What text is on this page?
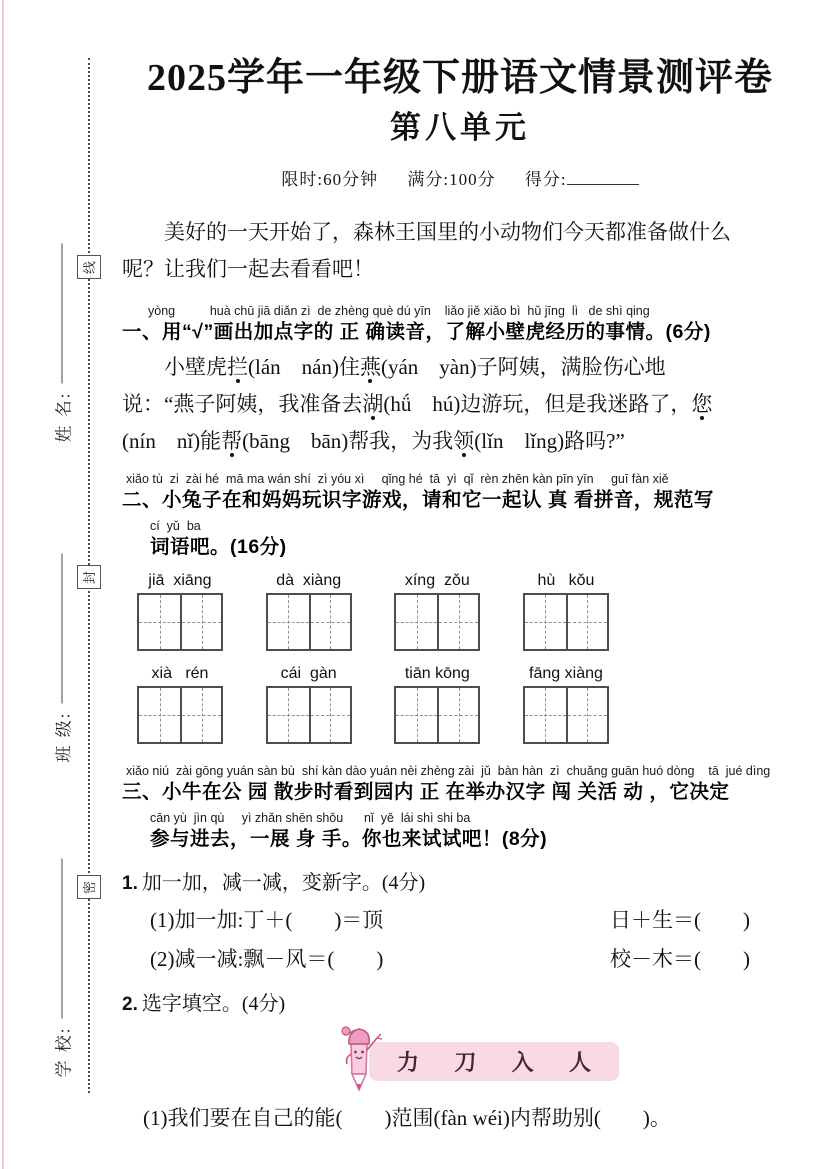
线
封
密
姓 名:
班 级:
学 校:
2025学年一年级下册语文情景测评卷
第八单元
限时:60分钟 满分:100分 得分:
　　美好的一天开始了，森林王国里的小动物们今天都准备做什么
呢？让我们一起去看看吧！
yòng          huà chū jiā diǎn zì  de zhèng què dú yīn    liǎo jiě xiǎo bì  hǔ jīng  lì   de shì qing
一、用“√”画出加点字的 正 确读音，了解小壁虎经历的事情。(6分)
　　小壁虎拦(lán　nán)住燕(yán　yàn)子阿姨，满脸伤心地
说：“燕子阿姨，我准备去湖(hǘ　hú)边游玩，但是我迷路了，您
(nín　nǐ)能帮(bāng　bān)帮我，为我领(lǐn　lǐng)路吗?”
xiǎo tù  zi  zài hé  mā ma wán shí  zì yóu xì     qǐng hé  tā  yì  qǐ  rèn zhēn kàn pīn yīn     guī fàn xiě
二、小兔子在和妈妈玩识字游戏，请和它一起认 真 看拼音，规范写
cí  yǔ  ba
词语吧。(16分)
jiā  xiāng	dà  xiàng	xíng  zǒu	hù   kǒu
xià   rén	cái  gàn	tiān kōng	fāng xiàng
xiǎo niú  zài gōng yuán sàn bù  shí kàn dào yuán nèi zhèng zài  jǔ  bàn hàn  zì  chuǎng guān huó dòng    tā  jué dìng
三、小牛在公 园 散步时看到园内 正 在举办汉字 闯 关活 动 ，它决定
cān yù  jìn qù     yì zhǎn shēn shǒu      nǐ  yě  lái shì shi ba
参与进去，一展 身 手。你也来试试吧！(8分)
1. 加一加，减一减，变新字。(4分)
(1)加一加:丁＋(　　)＝顶	日＋生＝(　　)
(2)减一减:飘－风＝(　　)	校－木＝(　　)
2. 选字填空。(4分)
力 刀 入 人
(1)我们要在自己的能(　　)范围(fàn wéi)内帮助别(　　)。
